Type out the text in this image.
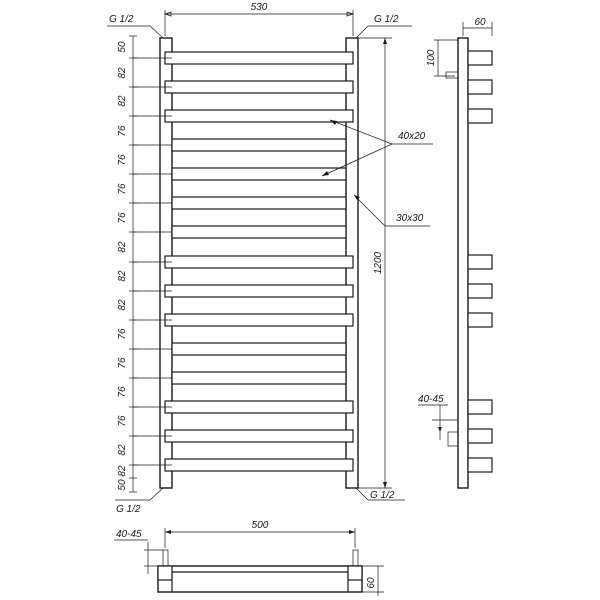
50
82
82
76
76
76
76
82
82
82
76
76
76
76
82
82
50
530
1200
G 1/2	G 1/2
G 1/2
G 1/2
40x20
30x30
60
100
40-45
500
40-45
60
